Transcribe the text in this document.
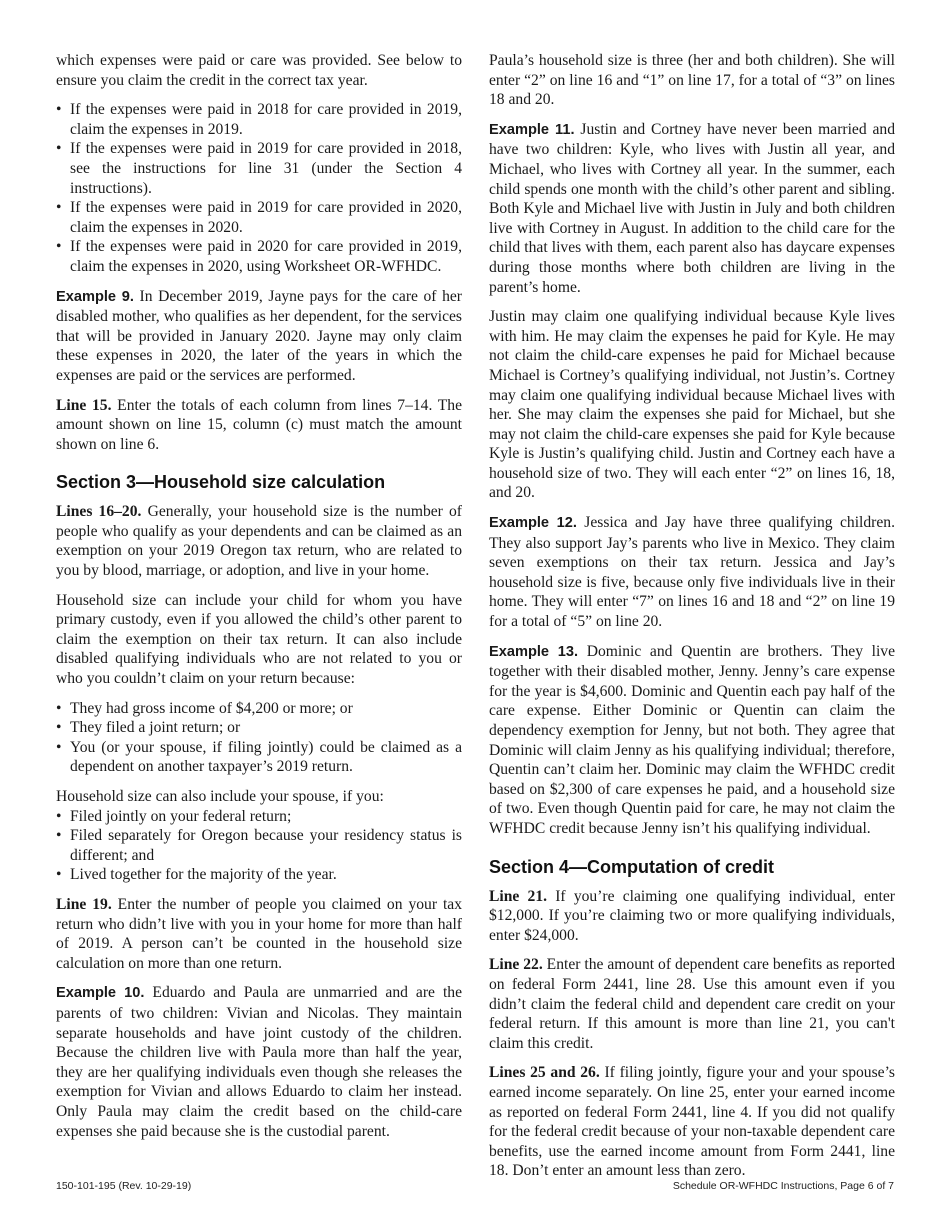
which expenses were paid or care was provided. See below to ensure you claim the credit in the correct tax year.

• If the expenses were paid in 2018 for care provided in 2019, claim the expenses in 2019.
• If the expenses were paid in 2019 for care provided in 2018, see the instructions for line 31 (under the Section 4 instructions).
• If the expenses were paid in 2019 for care provided in 2020, claim the expenses in 2020.
• If the expenses were paid in 2020 for care provided in 2019, claim the expenses in 2020, using Worksheet OR-WFHDC.

Example 9. In December 2019, Jayne pays for the care of her disabled mother, who qualifies as her dependent, for the services that will be provided in January 2020. Jayne may only claim these expenses in 2020, the later of the years in which the expenses are paid or the services are performed.

Line 15. Enter the totals of each column from lines 7–14. The amount shown on line 15, column (c) must match the amount shown on line 6.

Section 3—Household size calculation

Lines 16–20. Generally, your household size is the number of people who qualify as your dependents and can be claimed as an exemption on your 2019 Oregon tax return, who are related to you by blood, marriage, or adoption, and live in your home.

Household size can include your child for whom you have primary custody, even if you allowed the child’s other parent to claim the exemption on their tax return. It can also include disabled qualifying individuals who are not related to you or who you couldn’t claim on your return because:

• They had gross income of $4,200 or more; or
• They filed a joint return; or
• You (or your spouse, if filing jointly) could be claimed as a dependent on another taxpayer’s 2019 return.

Household size can also include your spouse, if you:

• Filed jointly on your federal return;
• Filed separately for Oregon because your residency status is different; and
• Lived together for the majority of the year.

Line 19. Enter the number of people you claimed on your tax return who didn’t live with you in your home for more than half of 2019. A person can’t be counted in the household size calculation on more than one return.

Example 10. Eduardo and Paula are unmarried and are the parents of two children: Vivian and Nicolas. They maintain separate households and have joint custody of the children. Because the children live with Paula more than half the year, they are her qualifying individuals even though she releases the exemption for Vivian and allows Eduardo to claim her instead. Only Paula may claim the credit based on the child-care expenses she paid because she is the custodial parent.

Paula’s household size is three (her and both children). She will enter “2” on line 16 and “1” on line 17, for a total of “3” on lines 18 and 20.

Example 11. Justin and Cortney have never been married and have two children: Kyle, who lives with Justin all year, and Michael, who lives with Cortney all year. In the summer, each child spends one month with the child’s other parent and sibling. Both Kyle and Michael live with Justin in July and both children live with Cortney in August. In addition to the child care for the child that lives with them, each parent also has daycare expenses during those months where both children are living in the parent’s home.

Justin may claim one qualifying individual because Kyle lives with him. He may claim the expenses he paid for Kyle. He may not claim the child-care expenses he paid for Michael because Michael is Cortney’s qualifying individual, not Justin’s. Cortney may claim one qualifying individual because Michael lives with her. She may claim the expenses she paid for Michael, but she may not claim the child-care expenses she paid for Kyle because Kyle is Justin’s qualifying child. Justin and Cortney each have a household size of two. They will each enter “2” on lines 16, 18, and 20.

Example 12. Jessica and Jay have three qualifying children. They also support Jay’s parents who live in Mexico. They claim seven exemptions on their tax return. Jessica and Jay’s household size is five, because only five individuals live in their home. They will enter “7” on lines 16 and 18 and “2” on line 19 for a total of “5” on line 20.

Example 13. Dominic and Quentin are brothers. They live together with their disabled mother, Jenny. Jenny’s care expense for the year is $4,600. Dominic and Quentin each pay half of the care expense. Either Dominic or Quentin can claim the dependency exemption for Jenny, but not both. They agree that Dominic will claim Jenny as his qualifying individual; therefore, Quentin can’t claim her. Dominic may claim the WFHDC credit based on $2,300 of care expenses he paid, and a household size of two. Even though Quentin paid for care, he may not claim the WFHDC credit because Jenny isn’t his qualifying individual.

Section 4—Computation of credit

Line 21. If you’re claiming one qualifying individual, enter $12,000. If you’re claiming two or more qualifying individuals, enter $24,000.

Line 22. Enter the amount of dependent care benefits as reported on federal Form 2441, line 28. Use this amount even if you didn’t claim the federal child and dependent care credit on your federal return. If this amount is more than line 21, you can't claim this credit.

Lines 25 and 26. If filing jointly, figure your and your spouse’s earned income separately. On line 25, enter your earned income as reported on federal Form 2441, line 4. If you did not qualify for the federal credit because of your non-taxable dependent care benefits, use the earned income amount from Form 2441, line 18. Don’t enter an amount less than zero.

150-101-195 (Rev. 10-29-19)	Schedule OR-WFHDC Instructions, Page 6 of 7
